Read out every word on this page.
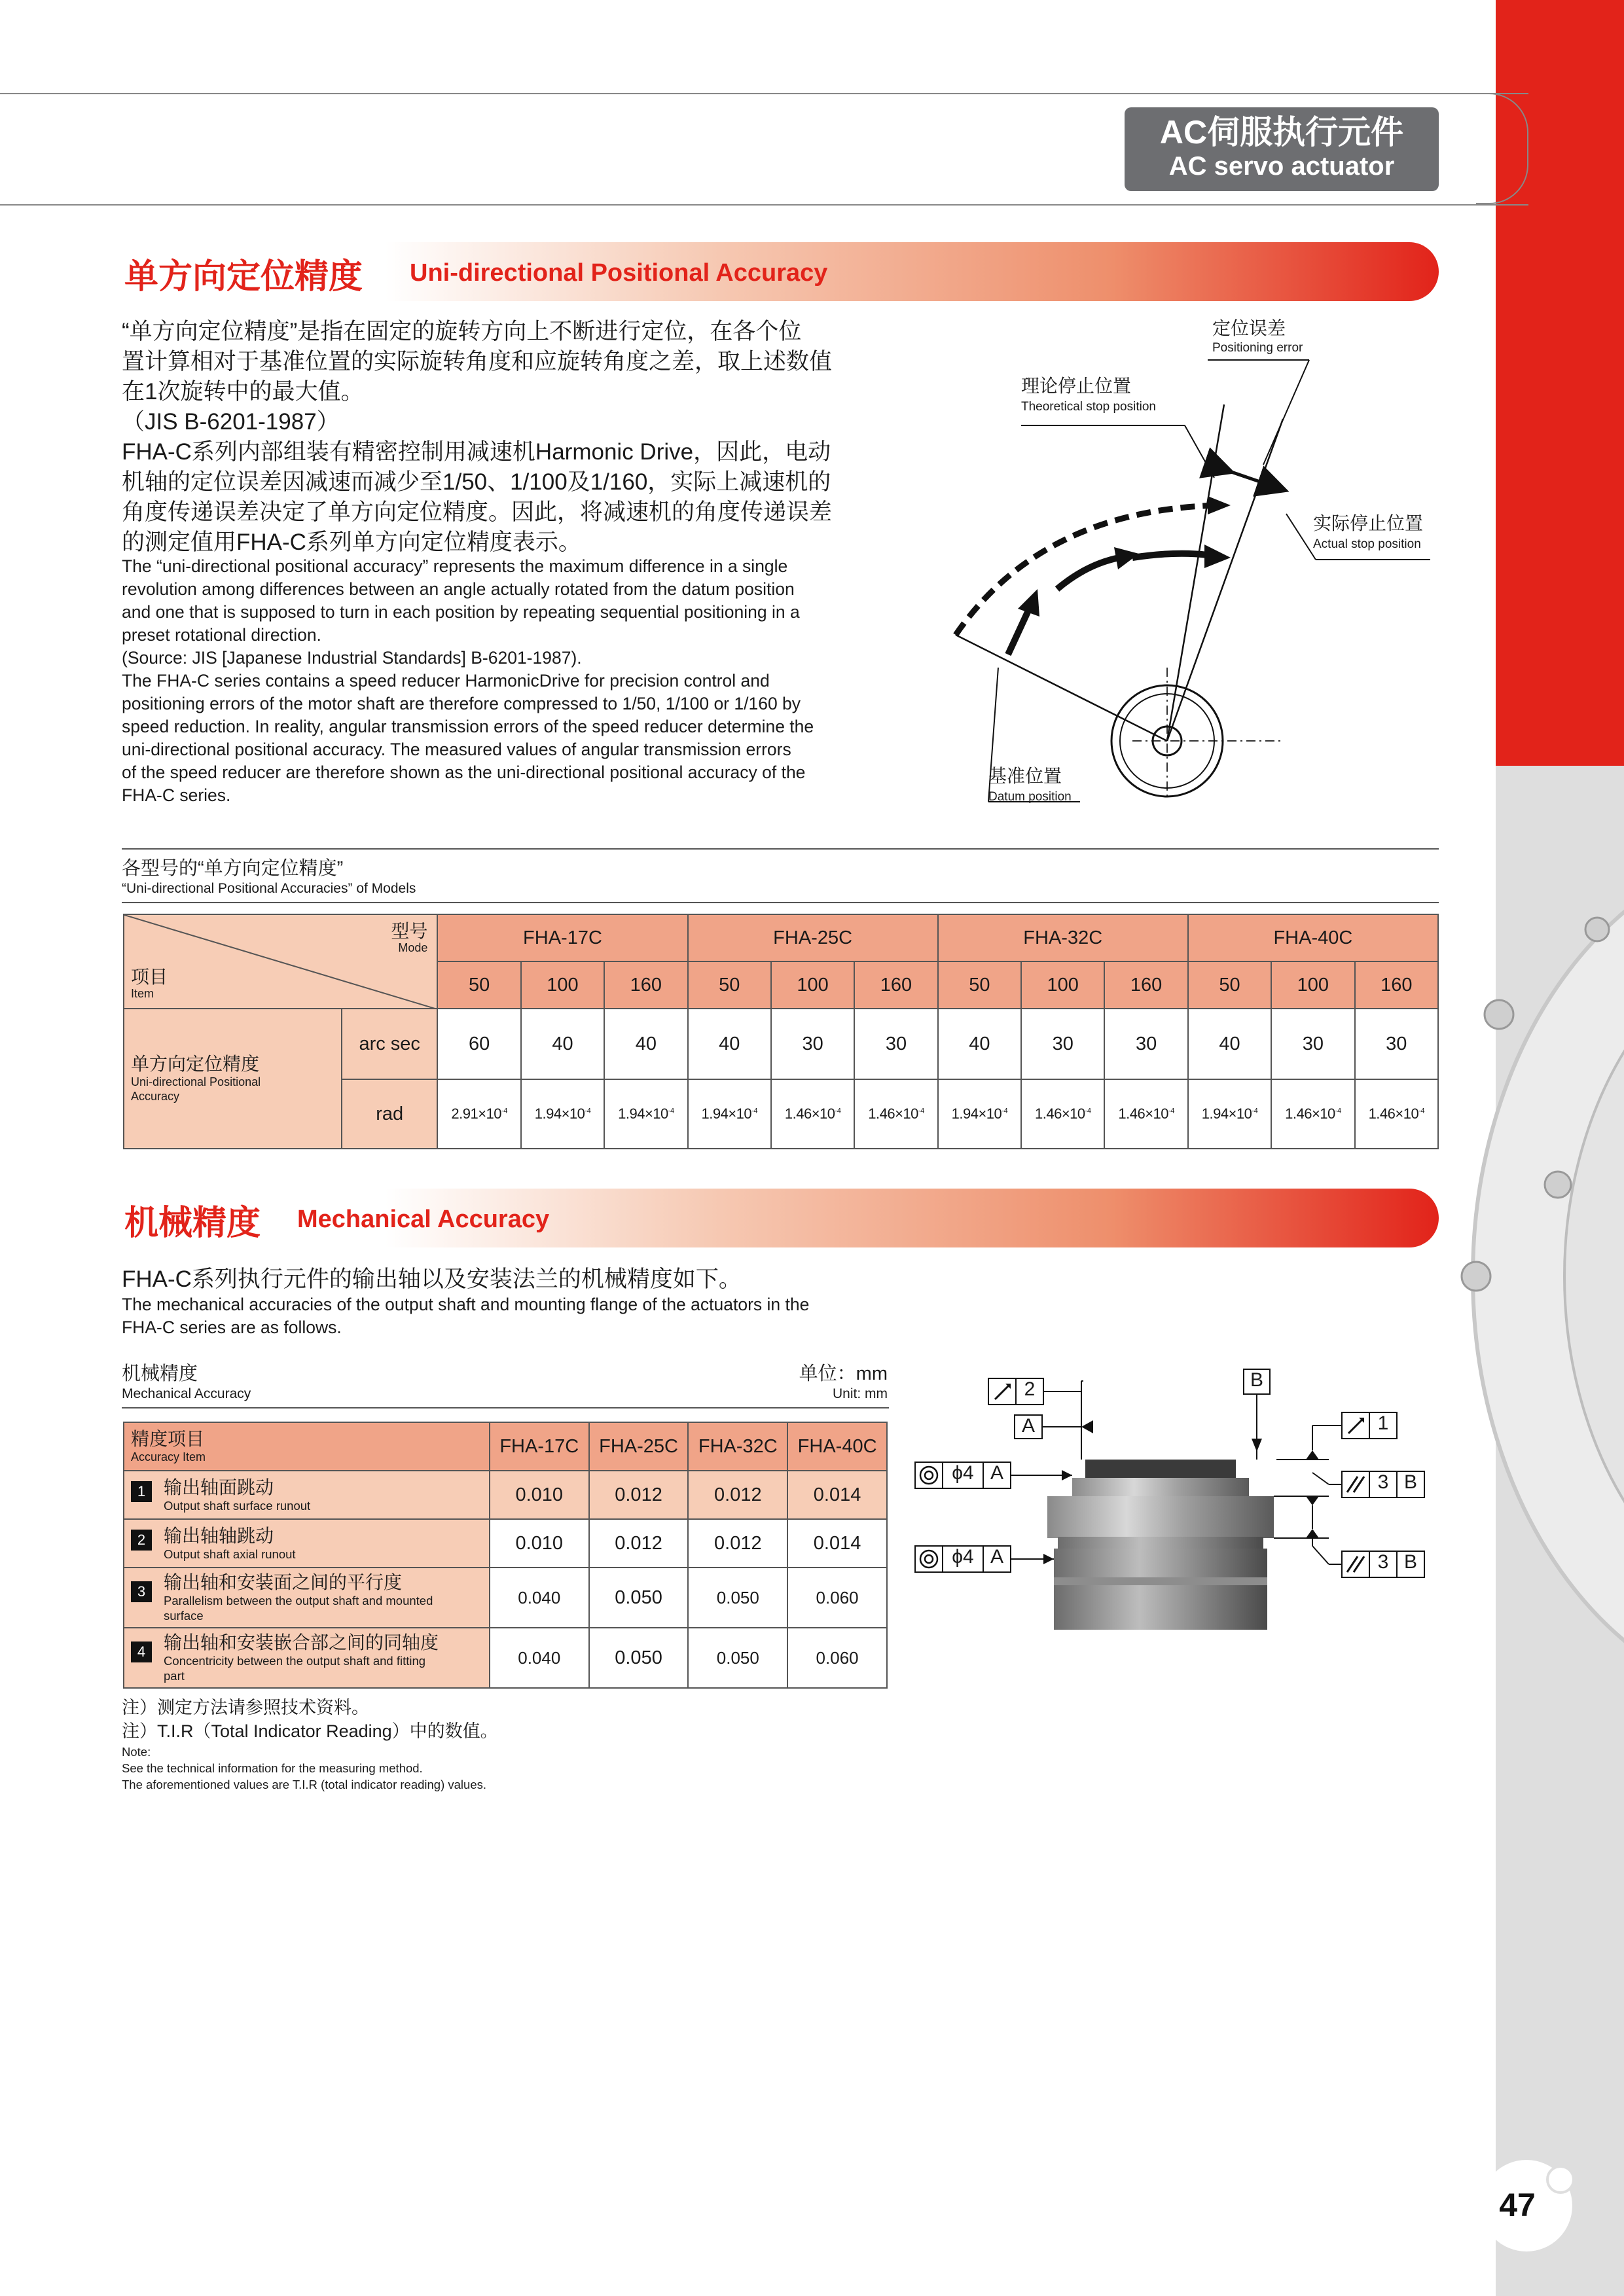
47
AC伺服执行元件
AC servo actuator
单方向定位精度 Uni-directional Positional Accuracy
“单方向定位精度”是指在固定的旋转方向上不断进行定位，在各个位
置计算相对于基准位置的实际旋转角度和应旋转角度之差，取上述数值
在1次旋转中的最大值。
（JIS B-6201-1987）
FHA-C系列内部组装有精密控制用减速机Harmonic Drive，因此，电动
机轴的定位误差因减速而减少至1/50、1/100及1/160，实际上减速机的
角度传递误差决定了单方向定位精度。因此，将减速机的角度传递误差
的测定值用FHA-C系列单方向定位精度表示。
The “uni-directional positional accuracy” represents the maximum difference in a single
revolution among differences between an angle actually rotated from the datum position
and one that is supposed to turn in each position by repeating sequential positioning in a
preset rotational direction.
(Source: JIS [Japanese Industrial Standards] B-6201-1987).
The FHA-C series contains a speed reducer HarmonicDrive for precision control and
positioning errors of the motor shaft are therefore compressed to 1/50, 1/100 or 1/160 by
speed reduction. In reality, angular transmission errors of the speed reducer determine the
uni-directional positional accuracy. The measured values of angular transmission errors
of the speed reducer are therefore shown as the uni-directional positional accuracy of the
FHA-C series.
定位误差
Positioning error
理论停止位置
Theoretical stop position
实际停止位置
Actual stop position
基准位置
Datum position
各型号的“单方向定位精度”
“Uni-directional Positional Accuracies” of Models
型号
Mode
项目
Item		FHA-17C			FHA-25C			FHA-32C			FHA-40C		
		50	100	160	50	100	160	50	100	160	50	100	160

单方向定位精度
Uni-directional Positional
Accuracy	arc sec	60	40	40	40	30	30	40	30	30	40	30	30
	rad	$2.91\times 10^{-4}$	$1.94\times 10^{-4}$	$1.94\times 10^{-4}$	$1.94\times 10^{-4}$	$1.46\times 10^{-4}$	$1.46\times 10^{-4}$	$1.94\times 10^{-4}$	$1.46\times 10^{-4}$	$1.46\times 10^{-4}$	$1.94\times 10^{-4}$	$1.46\times 10^{-4}$	$1.46\times 10^{-4}$
机械精度 Mechanical Accuracy
FHA-C系列执行元件的输出轴以及安装法兰的机械精度如下。
The mechanical accuracies of the output shaft and mounting flange of the actuators in the
FHA-C series are as follows.
机械精度
Mechanical Accuracy
单位：mm
Unit: mm
精度项目
Accuracy Item	FHA-17C	FHA-25C	FHA-32C	FHA-40C

1 输出轴面跳动
Output shaft surface runout	0.010	0.012	0.012	0.014

2 输出轴轴跳动
Output shaft axial runout	0.010	0.012	0.012	0.014

3 输出轴和安装面之间的平行度
Parallelism between the output shaft and mounted
surface	0.040	0.050	0.050	0.060

4 输出轴和安装嵌合部之间的同轴度
Concentricity between the output shaft and fitting
part	0.040	0.050	0.050	0.060
注）测定方法请参照技术资料。
注）T.I.R（Total Indicator Reading）中的数值。
Note:
See the technical information for the measuring method.
The aforementioned values are T.I.R (total indicator reading) values.
2
A
B
1
3 B
3 B
ϕ4 A
ϕ4 A
